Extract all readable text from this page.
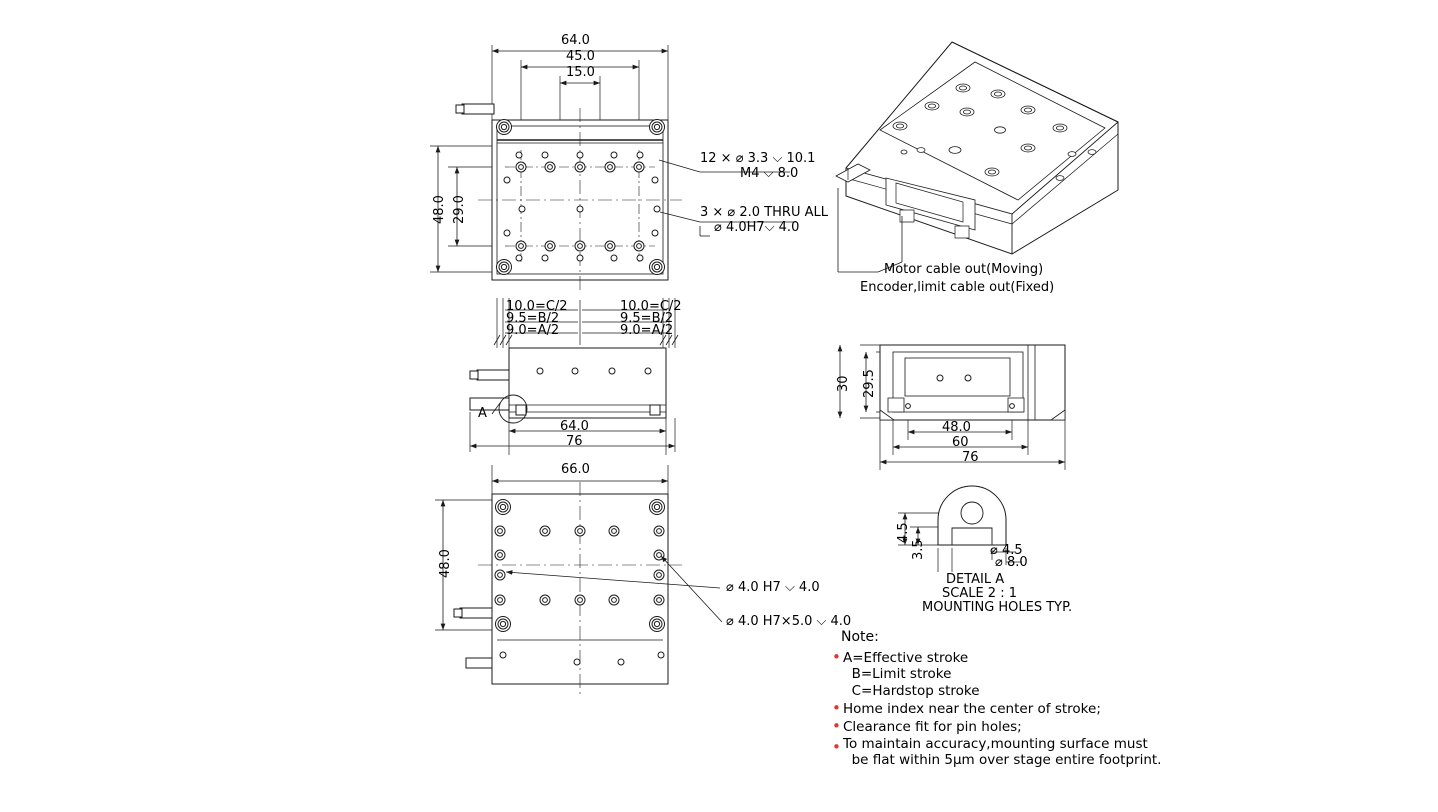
64.0
45.0
15.0
48.0 29.0
12 × ⌀ 3.3 ⌵ 10.1
M4 ⌵ 8.0
3 × ⌀ 2.0 THRU ALL
⌀ 4.0H7⌵ 4.0
10.0=C/2
9.5=B/2
9.0=A/2
10.0=C/2
9.5=B/2
9.0=A/2
64.0
76
A
66.0
48.0
⌀ 4.0 H7 ⌵ 4.0
⌀ 4.0 H7×5.0 ⌵ 4.0
Motor cable out(Moving)
Encoder,limit cable out(Fixed)
30 29.5
48.0
60
76
4.5
3.5	⌀ 4.5
⌀ 8.0
DETAIL A
SCALE 2 : 1
MOUNTING HOLES TYP.
Note:
• A=Effective stroke
B=Limit stroke
C=Hardstop stroke
• Home index near the center of stroke;
• Clearance fit for pin holes;
• To maintain accuracy,mounting surface must
be flat within 5μm over stage entire footprint.
